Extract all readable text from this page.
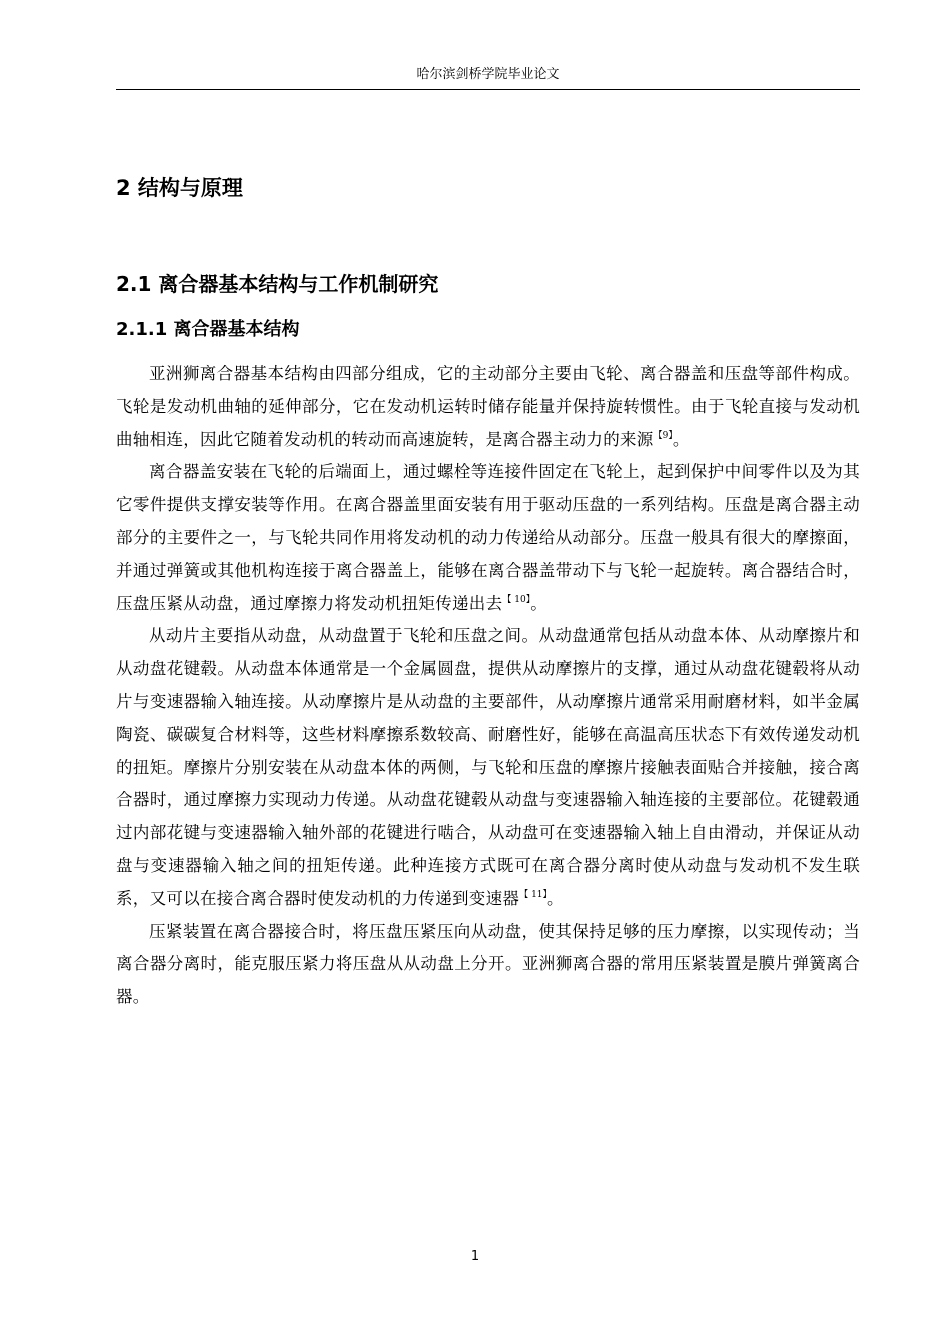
哈尔滨剑桥学院毕业论文
2 结构与原理
2.1 离合器基本结构与工作机制研究
2.1.1 离合器基本结构

亚洲狮离合器基本结构由四部分组成，它的主动部分主要由飞轮、离合器盖和压盘等部件构成。飞轮是发动机曲轴的延伸部分，它在发动机运转时储存能量并保持旋转惯性。由于飞轮直接与发动机曲轴相连，因此它随着发动机的转动而高速旋转，是离合器主动力的来源$^{【9】}$。

离合器盖安装在飞轮的后端面上，通过螺栓等连接件固定在飞轮上，起到保护中间零件以及为其它零件提供支撑安装等作用。在离合器盖里面安装有用于驱动压盘的一系列结构。压盘是离合器主动部分的主要件之一，与飞轮共同作用将发动机的动力传递给从动部分。压盘一般具有很大的摩擦面，并通过弹簧或其他机构连接于离合器盖上，能够在离合器盖带动下与飞轮一起旋转。离合器结合时，压盘压紧从动盘，通过摩擦力将发动机扭矩传递出去$^{【 10】}$。

从动片主要指从动盘，从动盘置于飞轮和压盘之间。从动盘通常包括从动盘本体、从动摩擦片和从动盘花键毂。从动盘本体通常是一个金属圆盘，提供从动摩擦片的支撑，通过从动盘花键毂将从动片与变速器输入轴连接。从动摩擦片是从动盘的主要部件，从动摩擦片通常采用耐磨材料，如半金属陶瓷、碳碳复合材料等，这些材料摩擦系数较高、耐磨性好，能够在高温高压状态下有效传递发动机的扭矩。摩擦片分别安装在从动盘本体的两侧，与飞轮和压盘的摩擦片接触表面贴合并接触，接合离合器时，通过摩擦力实现动力传递。从动盘花键毂从动盘与变速器输入轴连接的主要部位。花键毂通过内部花键与变速器输入轴外部的花键进行啮合，从动盘可在变速器输入轴上自由滑动，并保证从动盘与变速器输入轴之间的扭矩传递。此种连接方式既可在离合器分离时使从动盘与发动机不发生联系，又可以在接合离合器时使发动机的力传递到变速器$^{【 11】}$。

压紧装置在离合器接合时，将压盘压紧压向从动盘，使其保持足够的压力摩擦，以实现传动；当离合器分离时，能克服压紧力将压盘从从动盘上分开。亚洲狮离合器的常用压紧装置是膜片弹簧离合器。

1
